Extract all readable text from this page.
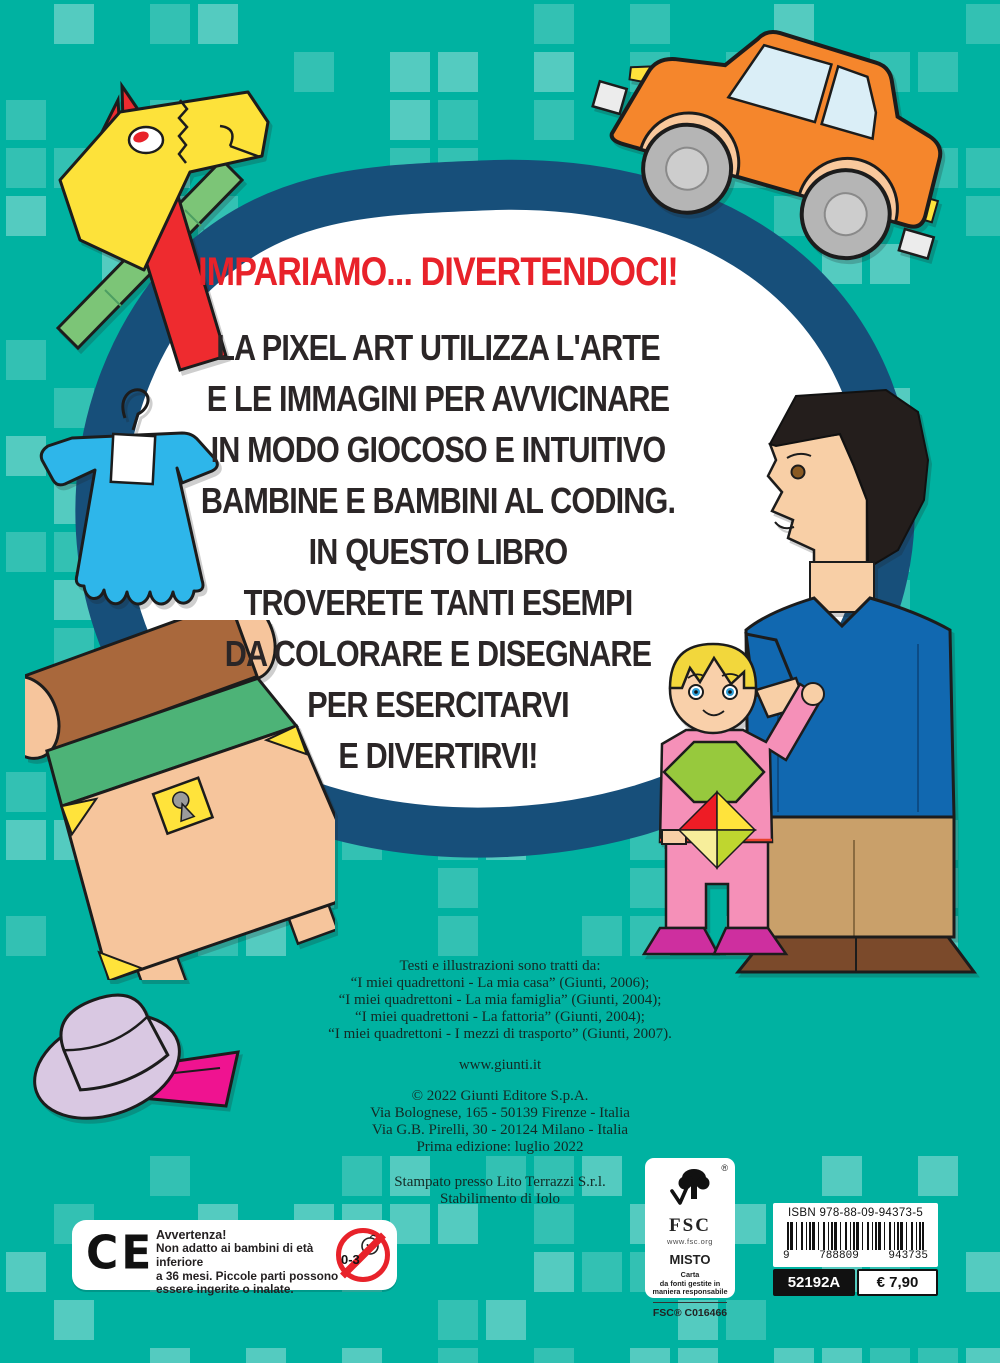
IMPARIAMO... DIVERTENDOCI!
LA PIXEL ART UTILIZZA L'ARTE
E LE IMMAGINI PER AVVICINARE
IN MODO GIOCOSO E INTUITIVO
BAMBINE E BAMBINI AL CODING.
IN QUESTO LIBRO
TROVERETE TANTI ESEMPI
DA COLORARE E DISEGNARE
PER ESERCITARVI
E DIVERTIRVI!
Testi e illustrazioni sono tratti da:
“I miei quadrettoni - La mia casa” (Giunti, 2006);
“I miei quadrettoni - La mia famiglia” (Giunti, 2004);
“I miei quadrettoni - La fattoria” (Giunti, 2004);
“I miei quadrettoni - I mezzi di trasporto” (Giunti, 2007).
www.giunti.it
© 2022 Giunti Editore S.p.A.
Via Bolognese, 165 - 50139 Firenze - Italia
Via G.B. Pirelli, 30 - 20124 Milano - Italia
Prima edizione: luglio 2022
Stampato presso Lito Terrazzi S.r.l.
Stabilimento di Iolo
CE Avvertenza!
Non adatto ai bambini di età inferiore
a 36 mesi. Piccole parti possono
essere ingerite o inalate.
0-3
®
FSC
www.fsc.org
MISTO
Carta
da fonti gestite in
maniera responsabile
FSC® C016466
ISBN 978-88-09-94373-5
9	788809	943735
52192A	€ 7,90
